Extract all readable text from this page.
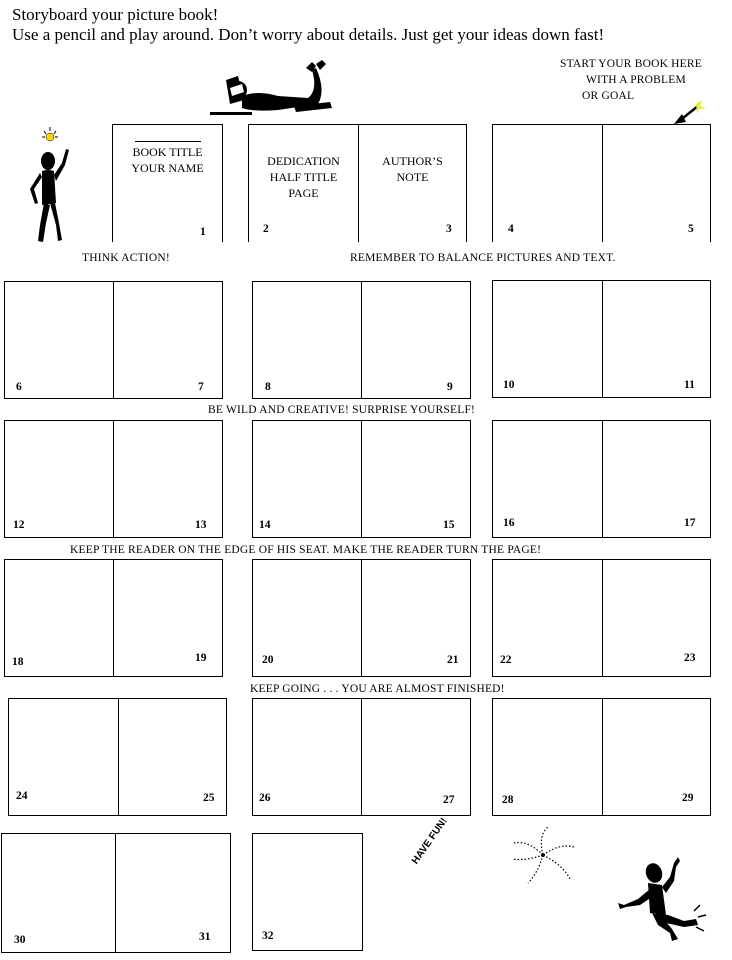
Storyboard your picture book!
Use a pencil and play around. Don’t worry about details. Just get your ideas down fast!
START YOUR BOOK HERE
WITH A PROBLEM
OR GOAL
BOOK TITLE
YOUR NAME	DEDICATION
HALF TITLE
PAGE
AUTHOR’S
NOTE
1	2	3	4	5
THINK ACTION!	REMEMBER TO BALANCE PICTURES AND TEXT.
6	7	8	9	10	11
BE WILD AND CREATIVE! SURPRISE YOURSELF!
12	13	14	15	16	17
KEEP THE READER ON THE EDGE OF HIS SEAT. MAKE THE READER TURN THE PAGE!
18	19	20	21	22	23
KEEP GOING . . . YOU ARE ALMOST FINISHED!
24	25	26	27	28	29
30	31	32
HAVE FUN!
